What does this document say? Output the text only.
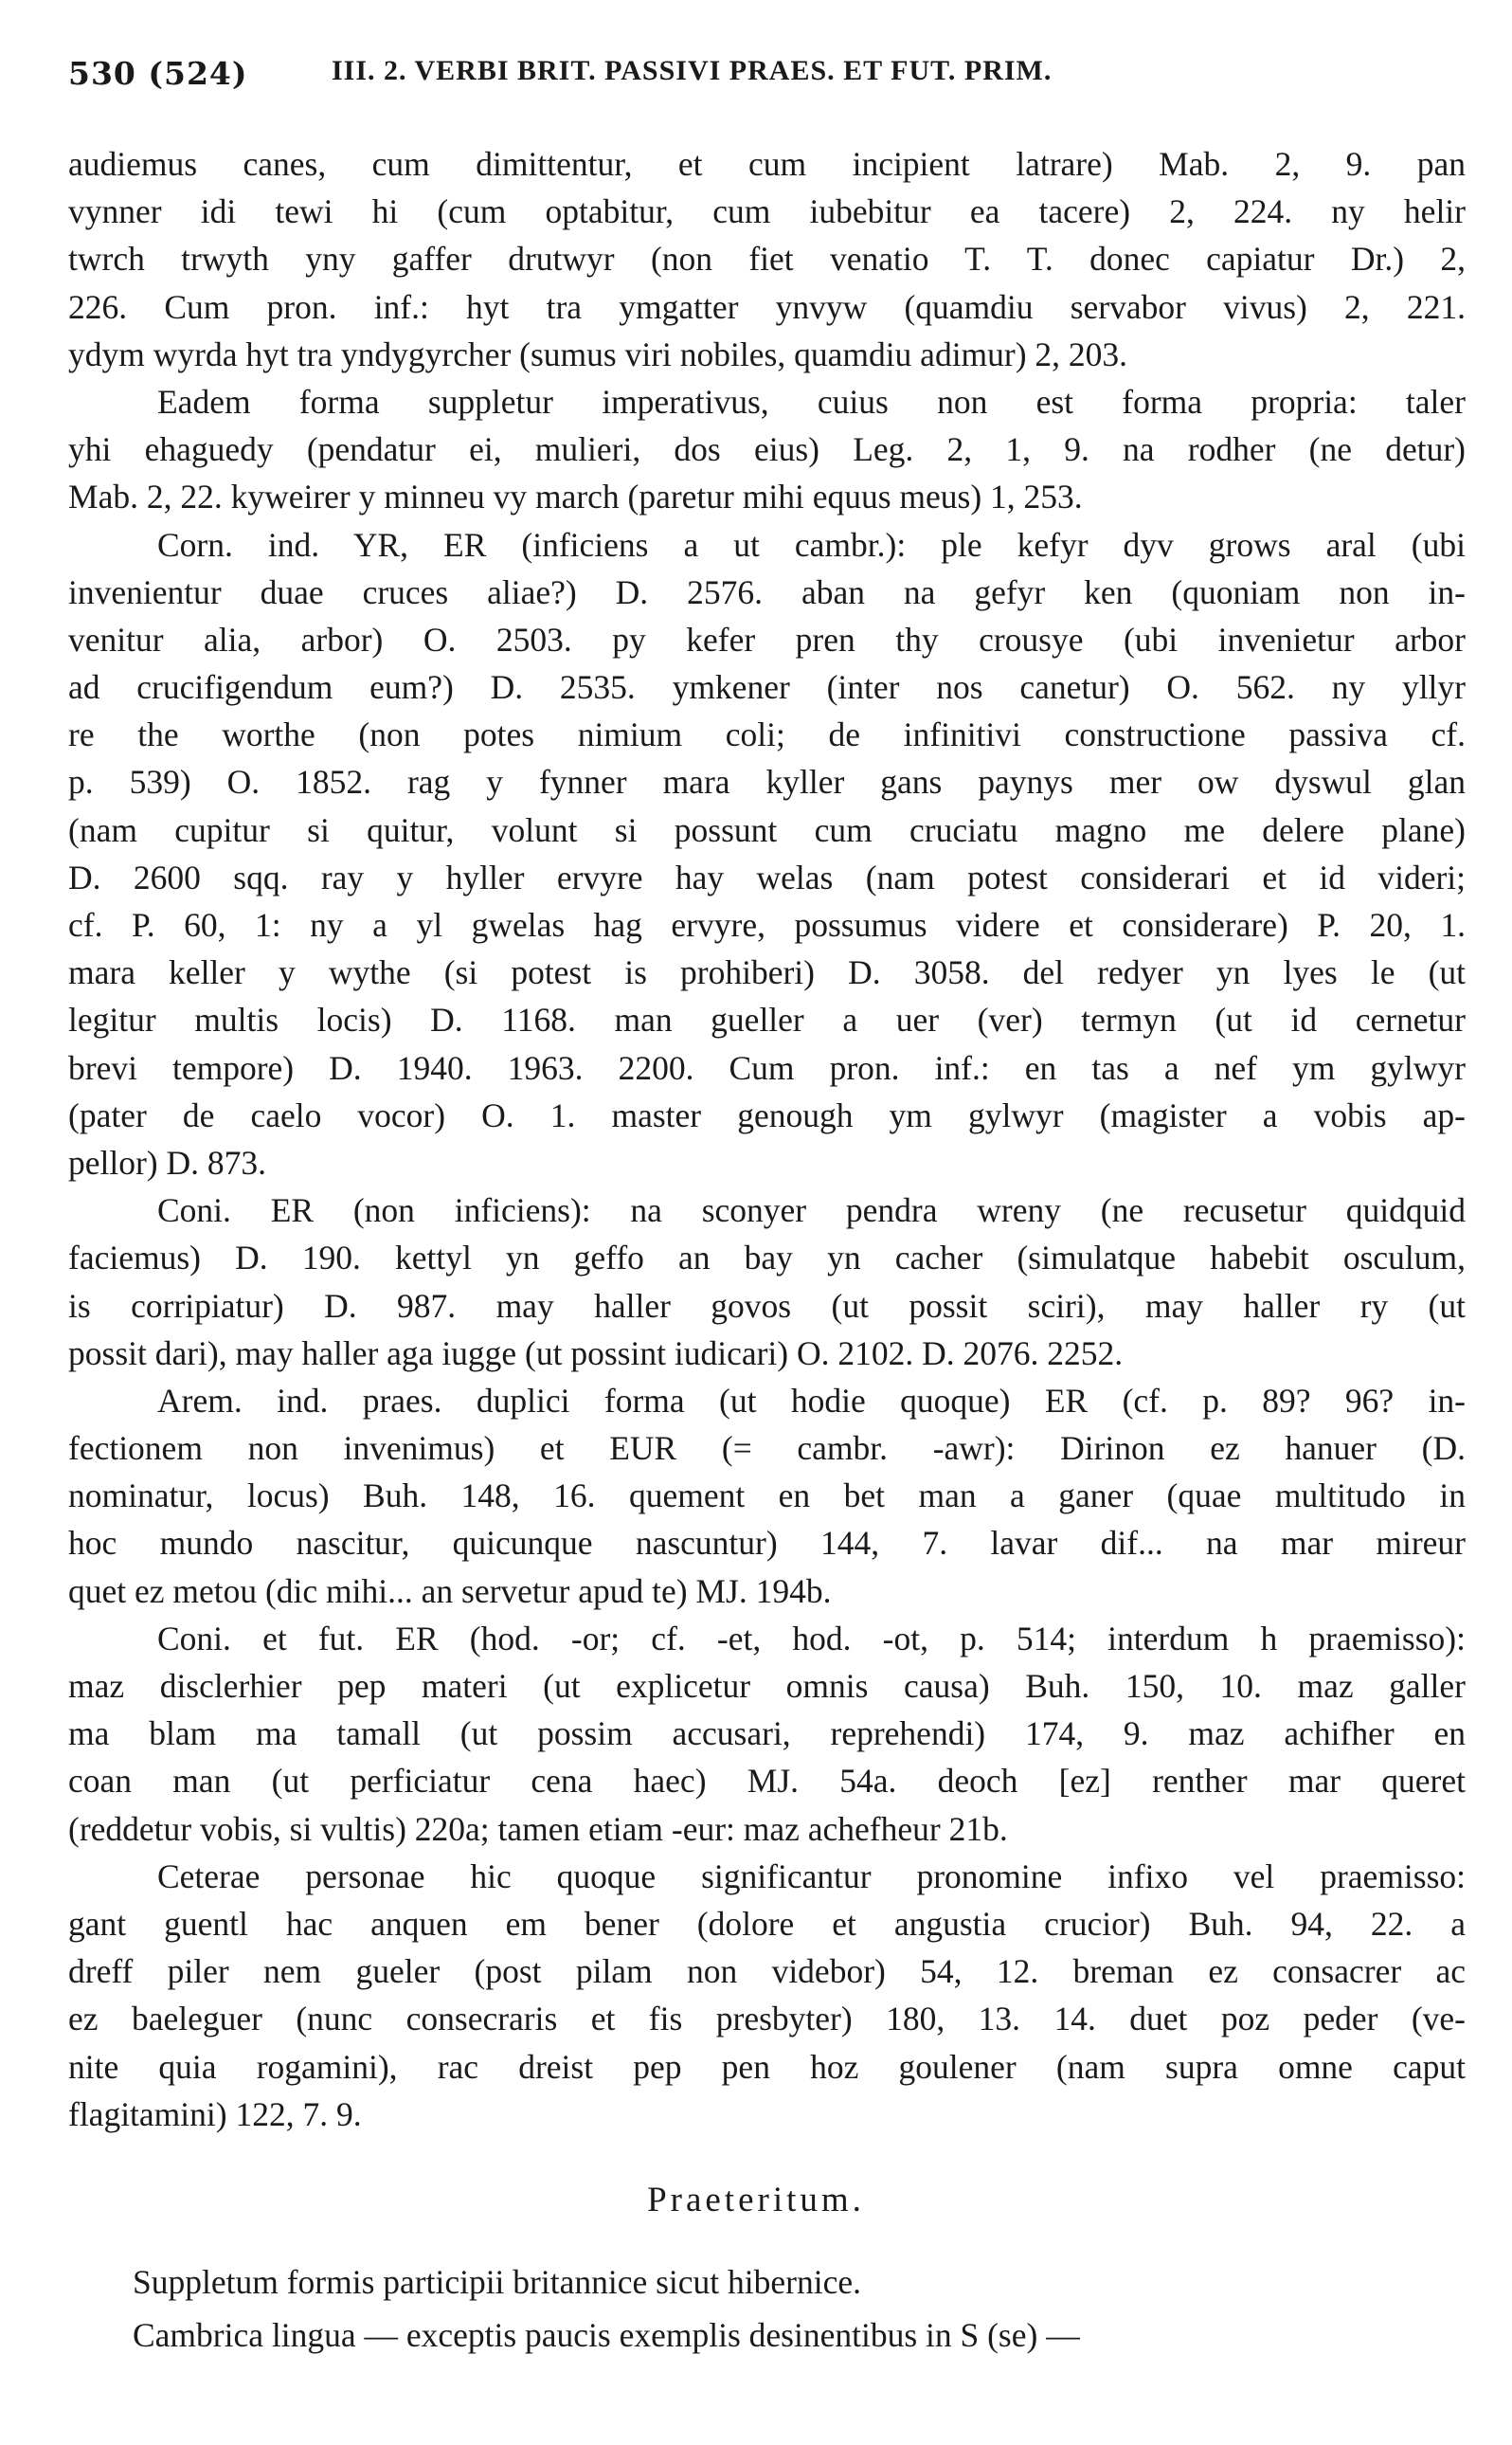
530 (524)	III. 2. VERBI BRIT. PASSIVI PRAES. ET FUT. PRIM.
audiemus canes, cum dimittentur, et cum incipient latrare) Mab. 2, 9. pan
vynner idi tewi hi (cum optabitur, cum iubebitur ea tacere) 2, 224. ny helir
twrch trwyth yny gaffer drutwyr (non fiet venatio T. T. donec capiatur Dr.) 2,
226. Cum pron. inf.: hyt tra ymgatter ynvyw (quamdiu servabor vivus) 2, 221.
ydym wyrda hyt tra yndygyrcher (sumus viri nobiles, quamdiu adimur) 2, 203.
Eadem forma suppletur imperativus, cuius non est forma propria: taler
yhi ehaguedy (pendatur ei, mulieri, dos eius) Leg. 2, 1, 9. na rodher (ne detur)
Mab. 2, 22. kyweirer y minneu vy march (paretur mihi equus meus) 1, 253.
Corn. ind. YR, ER (inficiens a ut cambr.): ple kefyr dyv grows aral (ubi
invenientur duae cruces aliae?) D. 2576. aban na gefyr ken (quoniam non in-
venitur alia, arbor) O. 2503. py kefer pren thy crousye (ubi invenietur arbor
ad crucifigendum eum?) D. 2535. ymkener (inter nos canetur) O. 562. ny yllyr
re the worthe (non potes nimium coli; de infinitivi constructione passiva cf.
p. 539) O. 1852. rag y fynner mara kyller gans paynys mer ow dyswul glan
(nam cupitur si quitur, volunt si possunt cum cruciatu magno me delere plane)
D. 2600 sqq. ray y hyller ervyre hay welas (nam potest considerari et id videri;
cf. P. 60, 1: ny a yl gwelas hag ervyre, possumus videre et considerare) P. 20, 1.
mara keller y wythe (si potest is prohiberi) D. 3058. del redyer yn lyes le (ut
legitur multis locis) D. 1168. man gueller a uer (ver) termyn (ut id cernetur
brevi tempore) D. 1940. 1963. 2200. Cum pron. inf.: en tas a nef ym gylwyr
(pater de caelo vocor) O. 1. master genough ym gylwyr (magister a vobis ap-
pellor) D. 873.
Coni. ER (non inficiens): na sconyer pendra wreny (ne recusetur quidquid
faciemus) D. 190. kettyl yn geffo an bay yn cacher (simulatque habebit osculum,
is corripiatur) D. 987. may haller govos (ut possit sciri), may haller ry (ut
possit dari), may haller aga iugge (ut possint iudicari) O. 2102. D. 2076. 2252.
Arem. ind. praes. duplici forma (ut hodie quoque) ER (cf. p. 89? 96? in-
fectionem non invenimus) et EUR (= cambr. -awr): Dirinon ez hanuer (D.
nominatur, locus) Buh. 148, 16. quement en bet man a ganer (quae multitudo in
hoc mundo nascitur, quicunque nascuntur) 144, 7. lavar dif... na mar mireur
quet ez metou (dic mihi... an servetur apud te) MJ. 194b.
Coni. et fut. ER (hod. -or; cf. -et, hod. -ot, p. 514; interdum h praemisso):
maz disclerhier pep materi (ut explicetur omnis causa) Buh. 150, 10. maz galler
ma blam ma tamall (ut possim accusari, reprehendi) 174, 9. maz achifher en
coan man (ut perficiatur cena haec) MJ. 54a. deoch [ez] renther mar queret
(reddetur vobis, si vultis) 220a; tamen etiam -eur: maz achefheur 21b.
Ceterae personae hic quoque significantur pronomine infixo vel praemisso:
gant guentl hac anquen em bener (dolore et angustia crucior) Buh. 94, 22. a
dreff piler nem gueler (post pilam non videbor) 54, 12. breman ez consacrer ac
ez baeleguer (nunc consecraris et fis presbyter) 180, 13. 14. duet poz peder (ve-
nite quia rogamini), rac dreist pep pen hoz goulener (nam supra omne caput
flagitamini) 122, 7. 9.
Praeteritum.
Suppletum formis participii britannice sicut hibernice.
Cambrica lingua — exceptis paucis exemplis desinentibus in S (se) —
